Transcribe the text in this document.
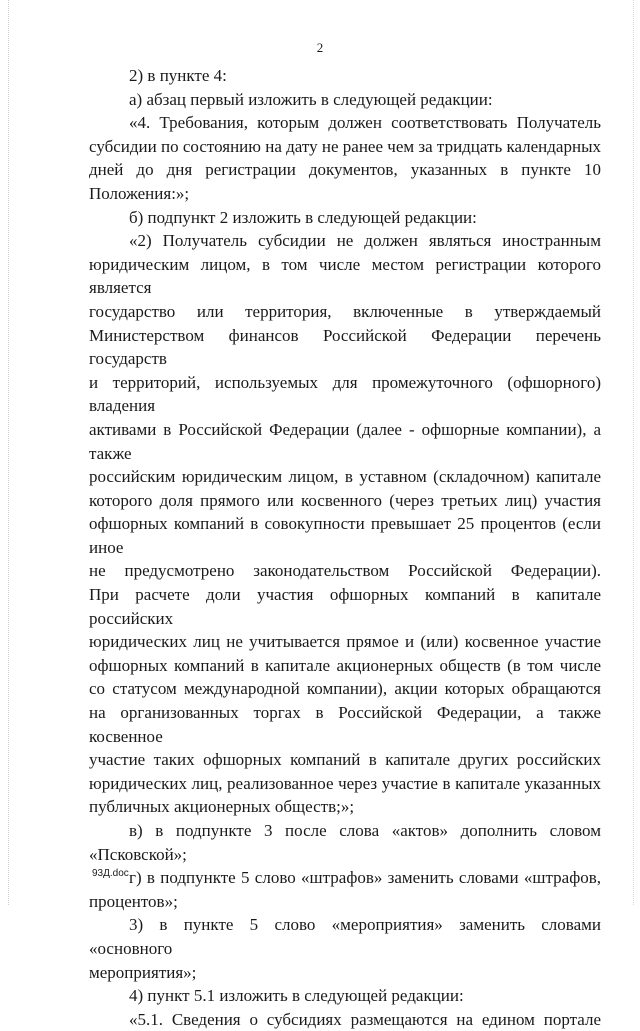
2

2) в пункте 4:

а) абзац первый изложить в следующей редакции:

«4. Требования, которым должен соответствовать Получатель

субсидии по состоянию на дату не ранее чем за тридцать календарных

дней до дня регистрации документов, указанных в пункте 10

Положения:»;

б) подпункт 2 изложить в следующей редакции:

«2) Получатель субсидии не должен являться иностранным

юридическим лицом, в том числе местом регистрации которого является

государство или территория, включенные в утверждаемый

Министерством финансов Российской Федерации перечень государств

и территорий, используемых для промежуточного (офшорного) владения

активами в Российской Федерации (далее - офшорные компании), а также

российским юридическим лицом, в уставном (складочном) капитале

которого доля прямого или косвенного (через третьих лиц) участия

офшорных компаний в совокупности превышает 25 процентов (если иное

не предусмотрено законодательством Российской Федерации).

При расчете доли участия офшорных компаний в капитале российских

юридических лиц не учитывается прямое и (или) косвенное участие

офшорных компаний в капитале акционерных обществ (в том числе

со статусом международной компании), акции которых обращаются

на организованных торгах в Российской Федерации, а также косвенное

участие таких офшорных компаний в капитале других российских

юридических лиц, реализованное через участие в капитале указанных

публичных акционерных обществ;»;

в) в подпункте 3 после слова «актов» дополнить словом

«Псковской»;

г) в подпункте 5 слово «штрафов» заменить словами «штрафов,

процентов»;

3) в пункте 5 слово «мероприятия» заменить словами «основного

мероприятия»;

4) пункт 5.1 изложить в следующей редакции:

«5.1. Сведения о субсидиях размещаются на едином портале

93Д.doc
